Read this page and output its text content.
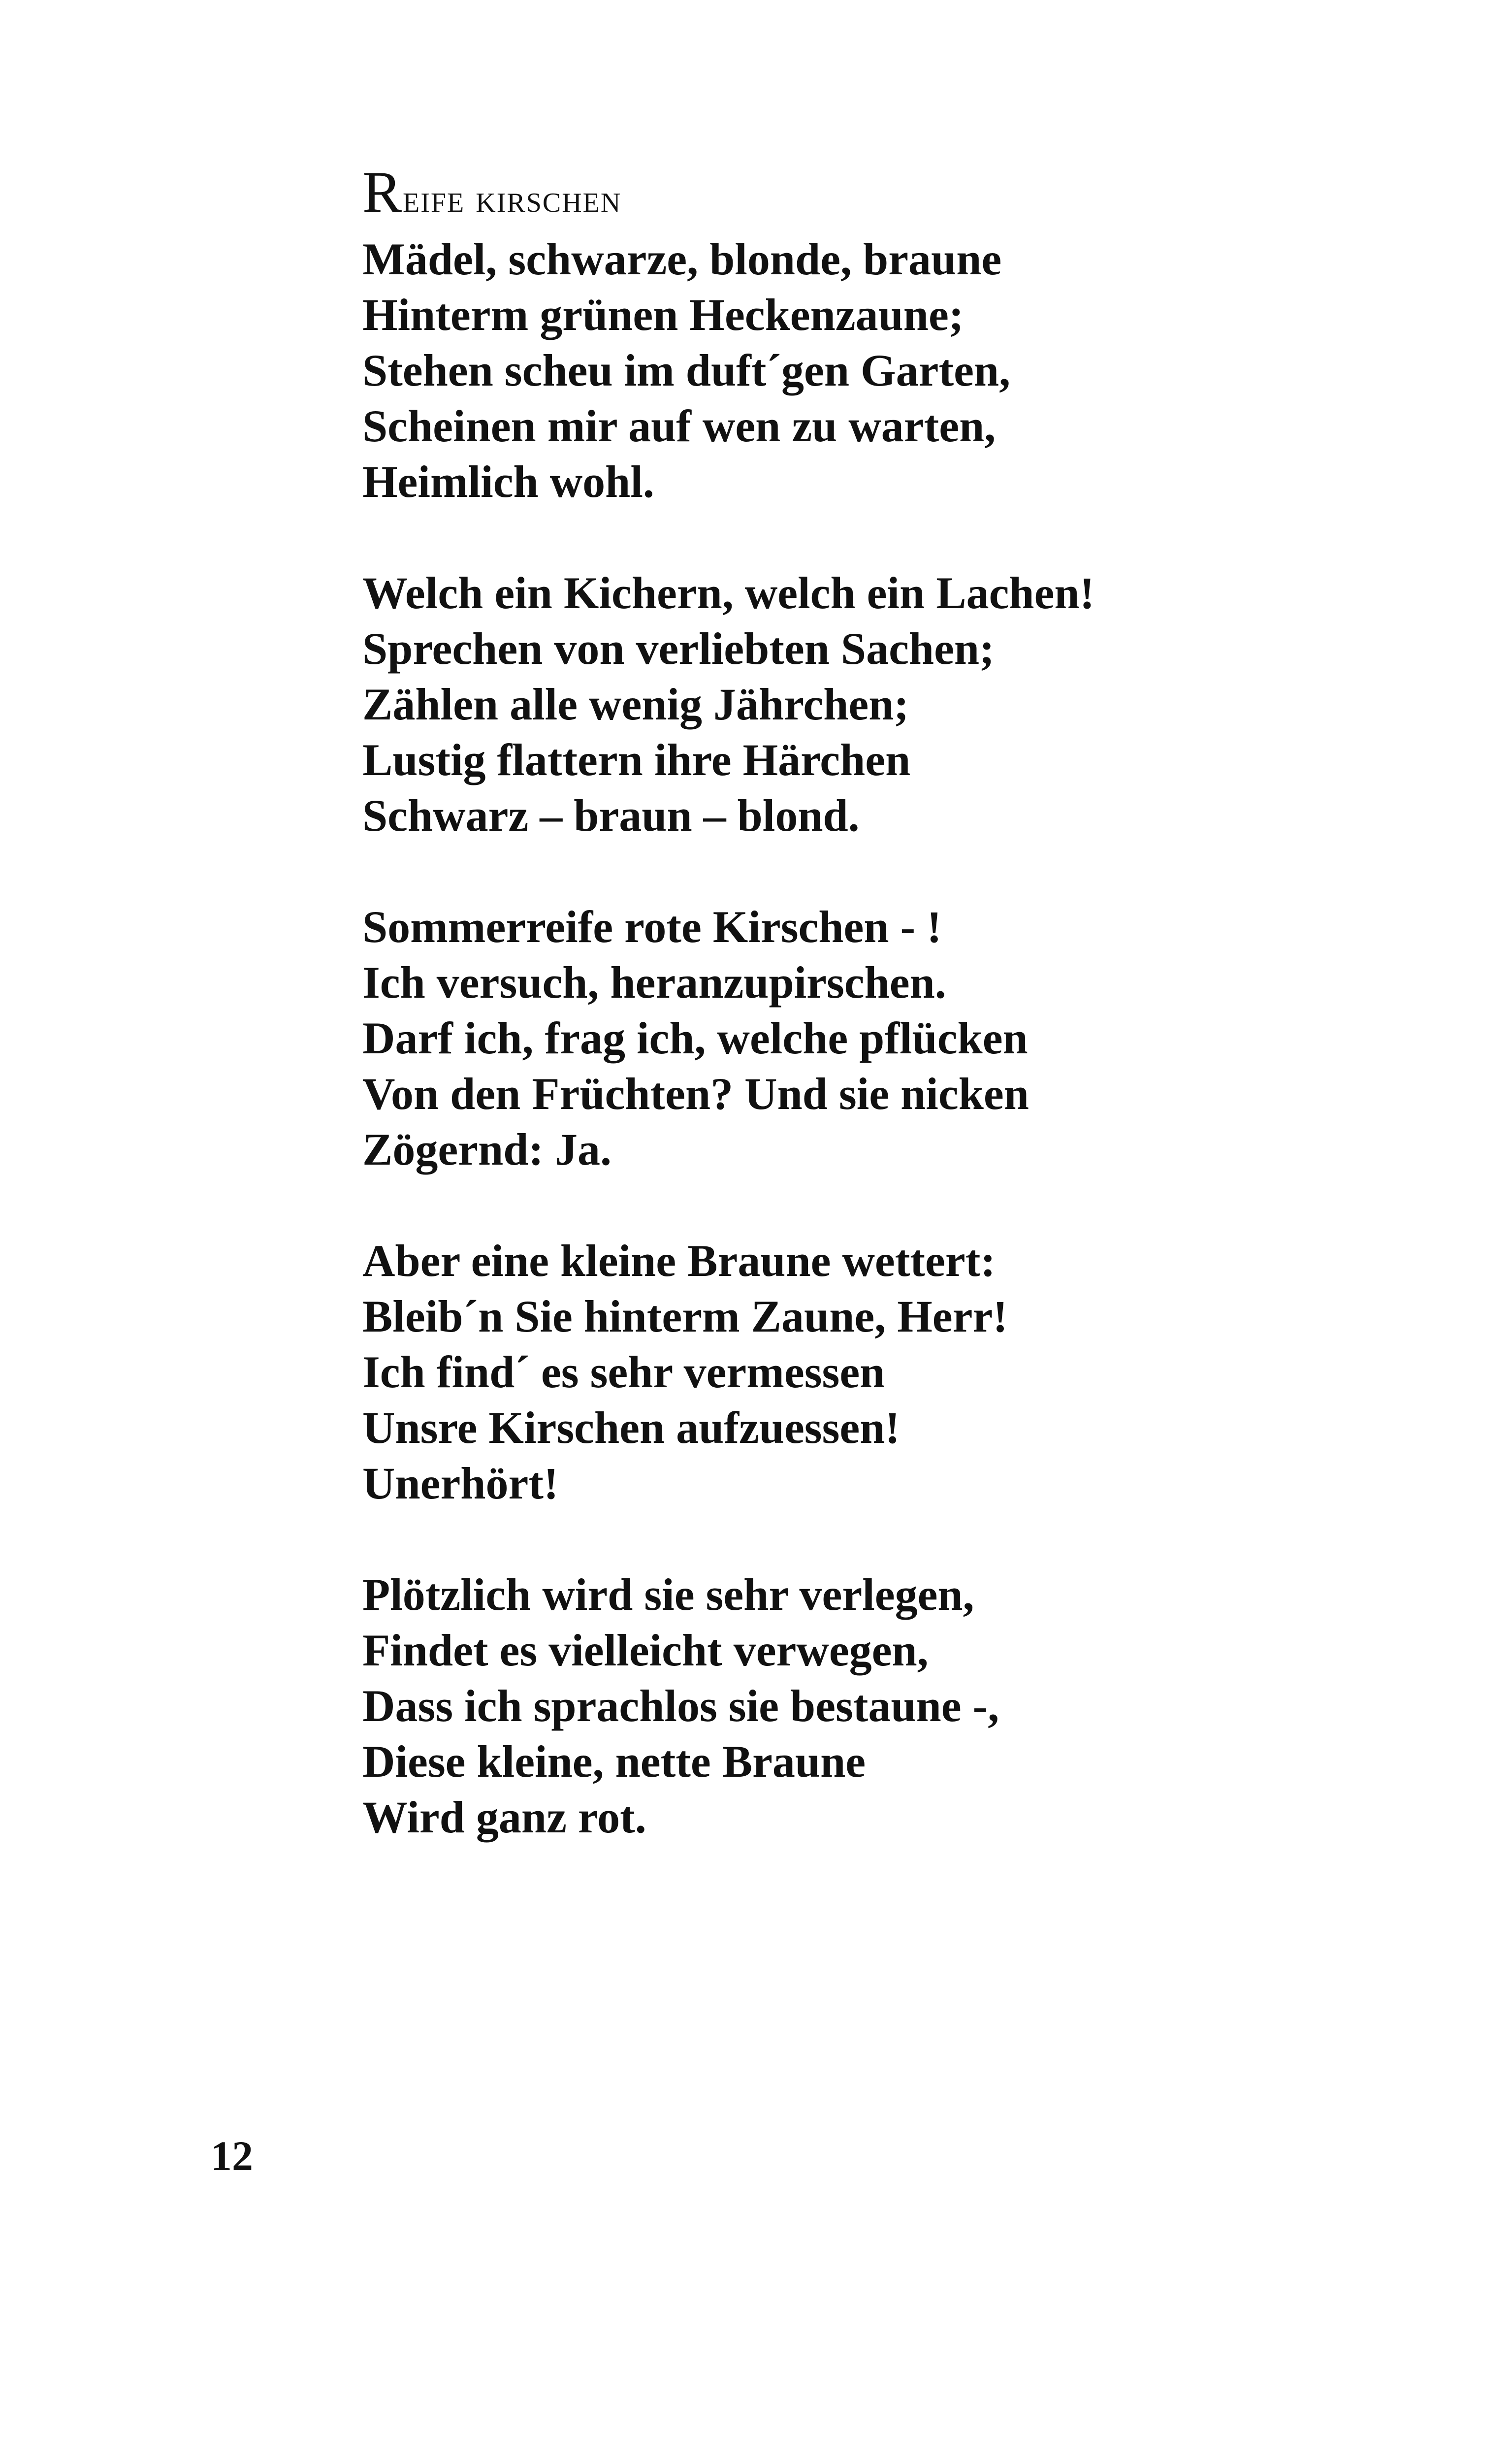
Reife kirschen

Mädel, schwarze, blonde, braune
Hinterm grünen Heckenzaune;
Stehen scheu im duft´gen Garten,
Scheinen mir auf wen zu warten,
Heimlich wohl.

Welch ein Kichern, welch ein Lachen!
Sprechen von verliebten Sachen;
Zählen alle wenig Jährchen;
Lustig flattern ihre Härchen
Schwarz – braun – blond.

Sommerreife rote Kirschen - !
Ich versuch, heranzupirschen.
Darf ich, frag ich, welche pflücken
Von den Früchten? Und sie nicken
Zögernd: Ja.

Aber eine kleine Braune wettert:
Bleib´n Sie hinterm Zaune, Herr!
Ich find´ es sehr vermessen
Unsre Kirschen aufzuessen!
Unerhört!

Plötzlich wird sie sehr verlegen,
Findet es vielleicht verwegen,
Dass ich sprachlos sie bestaune -,
Diese kleine, nette Braune
Wird ganz rot.

12
